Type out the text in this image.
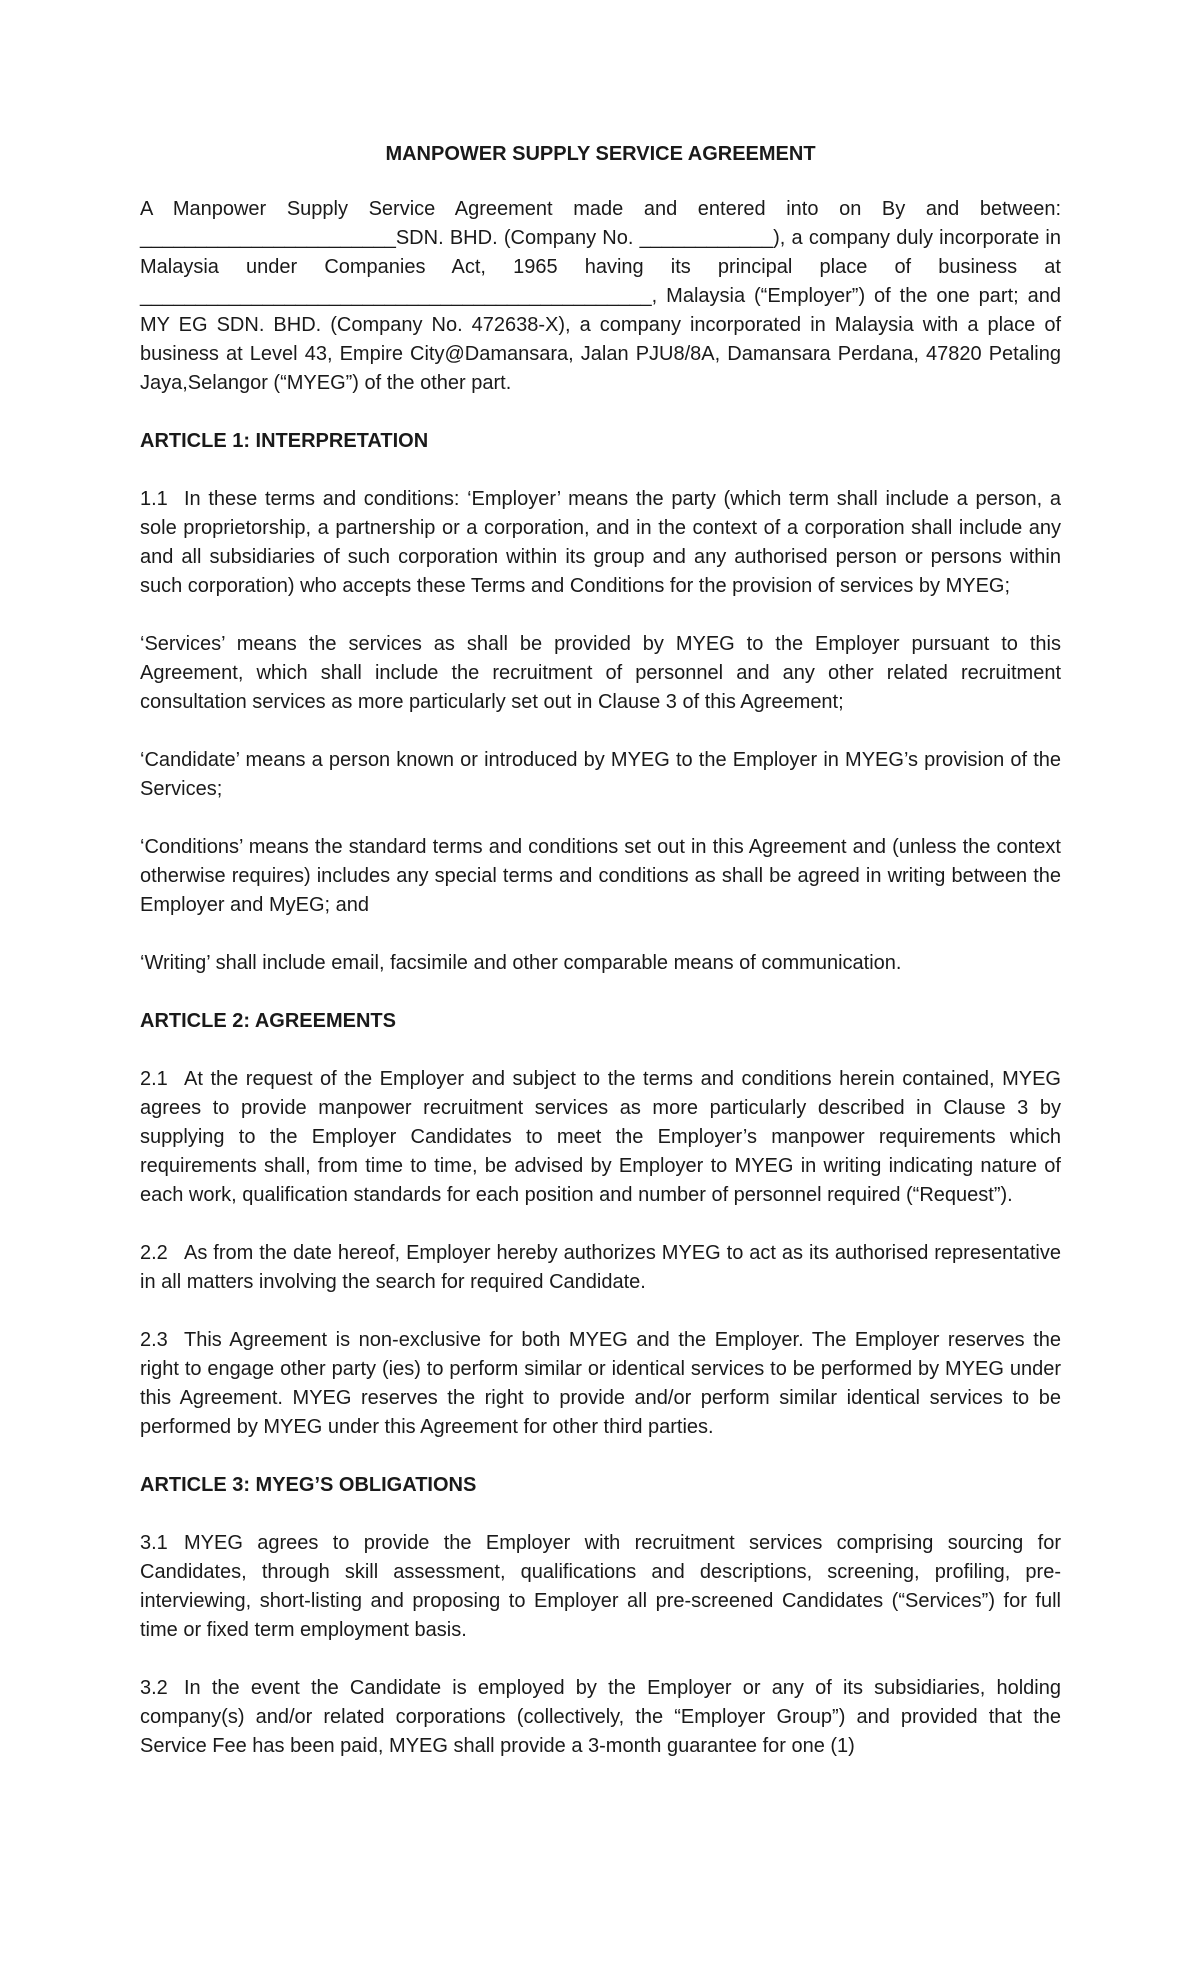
MANPOWER SUPPLY SERVICE AGREEMENT

A Manpower Supply Service Agreement made and entered into on By and between: _______________________SDN. BHD. (Company No. ____________), a company duly incorporate in Malaysia under Companies Act, 1965 having its principal place of business at ______________________________________________, Malaysia (“Employer”) of the one part; and MY EG SDN. BHD. (Company No. 472638-X), a company incorporated in Malaysia with a place of business at Level 43, Empire City@Damansara, Jalan PJU8/8A, Damansara Perdana, 47820 Petaling Jaya,Selangor (“MYEG”) of the other part.

ARTICLE 1: INTERPRETATION

1.1 In these terms and conditions: ‘Employer’ means the party (which term shall include a person, a sole proprietorship, a partnership or a corporation, and in the context of a corporation shall include any and all subsidiaries of such corporation within its group and any authorised person or persons within such corporation) who accepts these Terms and Conditions for the provision of services by MYEG;

‘Services’ means the services as shall be provided by MYEG to the Employer pursuant to this Agreement, which shall include the recruitment of personnel and any other related recruitment consultation services as more particularly set out in Clause 3 of this Agreement;

‘Candidate’ means a person known or introduced by MYEG to the Employer in MYEG’s provision of the Services;

‘Conditions’ means the standard terms and conditions set out in this Agreement and (unless the context otherwise requires) includes any special terms and conditions as shall be agreed in writing between the Employer and MyEG; and

‘Writing’ shall include email, facsimile and other comparable means of communication.

ARTICLE 2: AGREEMENTS

2.1 At the request of the Employer and subject to the terms and conditions herein contained, MYEG agrees to provide manpower recruitment services as more particularly described in Clause 3 by supplying to the Employer Candidates to meet the Employer’s manpower requirements which requirements shall, from time to time, be advised by Employer to MYEG in writing indicating nature of each work, qualification standards for each position and number of personnel required (“Request”).

2.2 As from the date hereof, Employer hereby authorizes MYEG to act as its authorised representative in all matters involving the search for required Candidate.

2.3 This Agreement is non-exclusive for both MYEG and the Employer. The Employer reserves the right to engage other party (ies) to perform similar or identical services to be performed by MYEG under this Agreement. MYEG reserves the right to provide and/or perform similar identical services to be performed by MYEG under this Agreement for other third parties.

ARTICLE 3: MYEG’S OBLIGATIONS

3.1 MYEG agrees to provide the Employer with recruitment services comprising sourcing for Candidates, through skill assessment, qualifications and descriptions, screening, profiling, pre-interviewing, short-listing and proposing to Employer all pre-screened Candidates (“Services”) for full time or fixed term employment basis.

3.2 In the event the Candidate is employed by the Employer or any of its subsidiaries, holding company(s) and/or related corporations (collectively, the “Employer Group”) and provided that the Service Fee has been paid, MYEG shall provide a 3-month guarantee for one (1)
